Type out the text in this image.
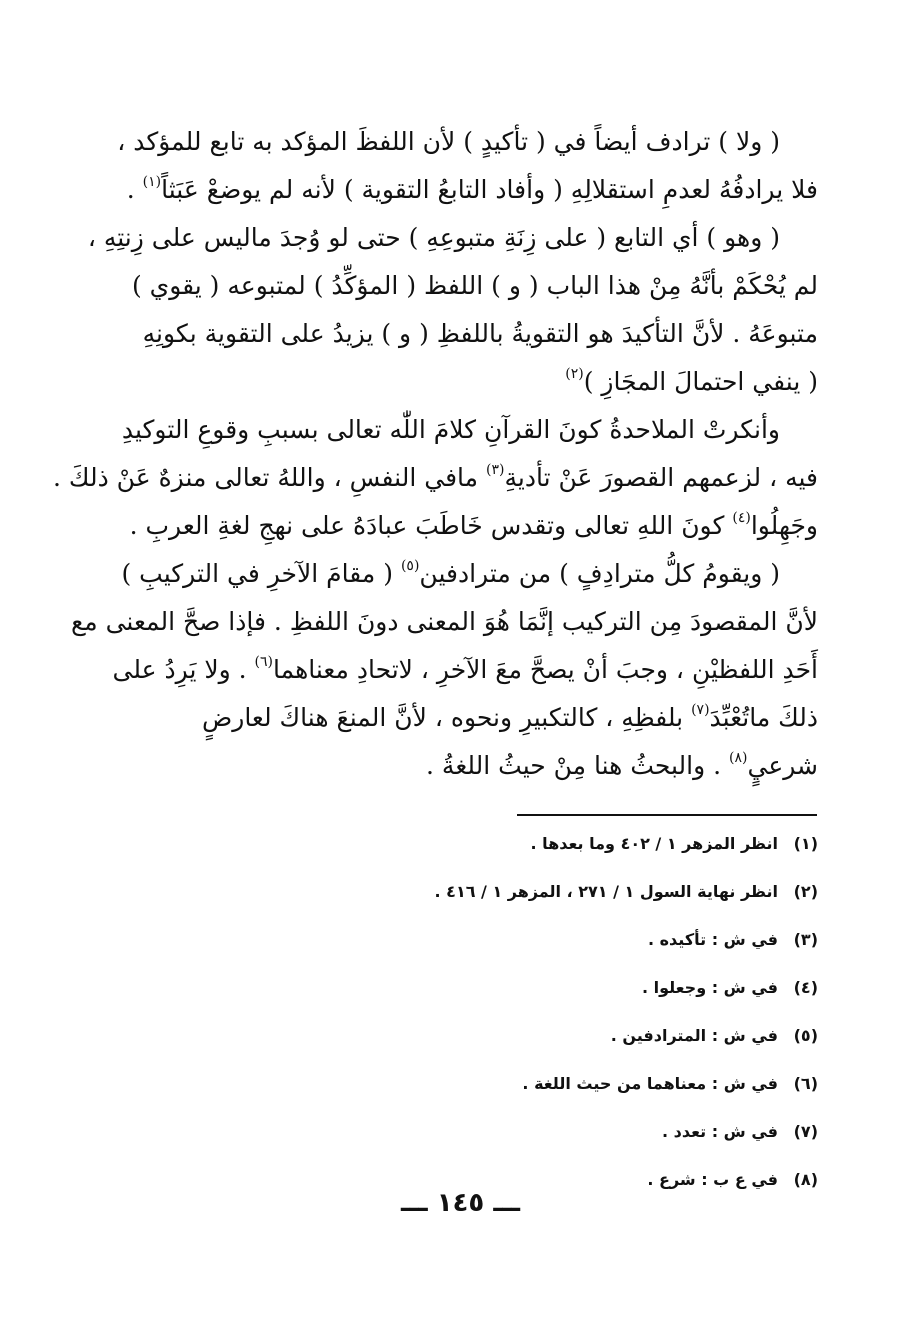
( ولا ) ترادف أيضاً في ( تأكيدٍ ) لأن اللفظَ المؤكد به تابع للمؤكد ،
فلا يرادفُهُ لعدمِ استقلالِهِ ( وأفاد التابعُ التقوية ) لأنه لم يوضعْ عَبَثاً$^{(١)}$ .
( وهو ) أي التابع ( على زِنَةِ متبوعِهِ ) حتى لو وُجدَ ماليس على زِنتِهِ ،
لم يُحْكَمْ بأنَّهُ مِنْ هذا الباب ( و ) اللفظ ( المؤكِّدُ ) لمتبوعه ( يقوي )
متبوعَهُ . لأنَّ التأكيدَ هو التقويةُ باللفظِ ( و ) يزيدُ على التقوية بكونِهِ
( ينفي احتمالَ المجَازِ )$^{(٢)}$
وأنكرتْ الملاحدةُ كونَ القرآنِ كلامَ اللّٰه تعالى بسببِ وقوعِ التوكيدِ
فيه ، لزعمهم القصورَ عَنْ تأديةِ$^{(٣)}$ مافي النفسِ ، واللهُ تعالى منزهٌ عَنْ ذلكَ .
وجَهِلُوا$^{(٤)}$ كونَ اللهِ تعالى وتقدس خَاطَبَ عبادَهُ على نهجِ لغةِ العربِ .
( ويقومُ كلُّ مترادِفٍ ) من مترادفين$^{(٥)}$ ( مقامَ الآخرِ في التركيبِ )
لأنَّ المقصودَ مِن التركيب إنَّمَا هُوَ المعنى دونَ اللفظِ . فإذا صحَّ المعنى مع
أَحَدِ اللفظيْنِ ، وجبَ أنْ يصحَّ معَ الآخرِ ، لاتحادِ معناهما$^{(٦)}$ . ولا يَرِدُ على
ذلكَ ماتُعْبِّدَ$^{(٧)}$ بلفظِهِ ، كالتكبيرِ ونحوه ، لأنَّ المنعَ هناكَ لعارضٍ
شرعيٍ$^{(٨)}$ . والبحثُ هنا مِنْ حيثُ اللغةُ .
(١)انظر المزهر ١ / ٤٠٢ وما بعدها .
(٢)انظر نهاية السول ١ / ٢٧١ ، المزهر ١ / ٤١٦ .
(٣)في ش : تأكيده .
(٤)في ش : وجعلوا .
(٥)في ش : المترادفين .
(٦)في ش : معناهما من حيث اللغة .
(٧)في ش : تعدد .
(٨)في ع ب : شرع .
ـــ ١٤٥ ـــ
